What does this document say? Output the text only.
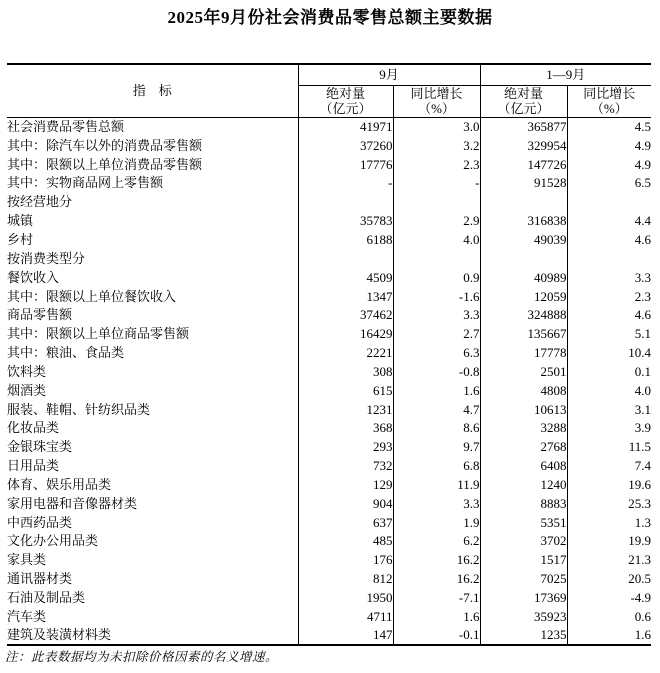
2025年9月份社会消费品零售总额主要数据
指　标	9月		1—9月	

绝对量
（亿元）

同比增长
（%）

绝对量
（亿元）

同比增长
（%）

社会消费品零售总额	41971	3.0	365877	4.5
其中：除汽车以外的消费品零售额	37260	3.2	329954	4.9
其中：限额以上单位消费品零售额	17776	2.3	147726	4.9
其中：实物商品网上零售额	-	-	91528	6.5
按经营地分				
城镇	35783	2.9	316838	4.4
乡村	6188	4.0	49039	4.6
按消费类型分				
餐饮收入	4509	0.9	40989	3.3
其中：限额以上单位餐饮收入	1347	-1.6	12059	2.3
商品零售额	37462	3.3	324888	4.6
其中：限额以上单位商品零售额	16429	2.7	135667	5.1
其中：粮油、食品类	2221	6.3	17778	10.4
饮料类	308	-0.8	2501	0.1
烟酒类	615	1.6	4808	4.0
服装、鞋帽、针纺织品类	1231	4.7	10613	3.1
化妆品类	368	8.6	3288	3.9
金银珠宝类	293	9.7	2768	11.5
日用品类	732	6.8	6408	7.4
体育、娱乐用品类	129	11.9	1240	19.6
家用电器和音像器材类	904	3.3	8883	25.3
中西药品类	637	1.9	5351	1.3
文化办公用品类	485	6.2	3702	19.9
家具类	176	16.2	1517	21.3
通讯器材类	812	16.2	7025	20.5
石油及制品类	1950	-7.1	17369	-4.9
汽车类	4711	1.6	35923	0.6
建筑及装潢材料类	147	-0.1	1235	1.6

注：此表数据均为未扣除价格因素的名义增速。
